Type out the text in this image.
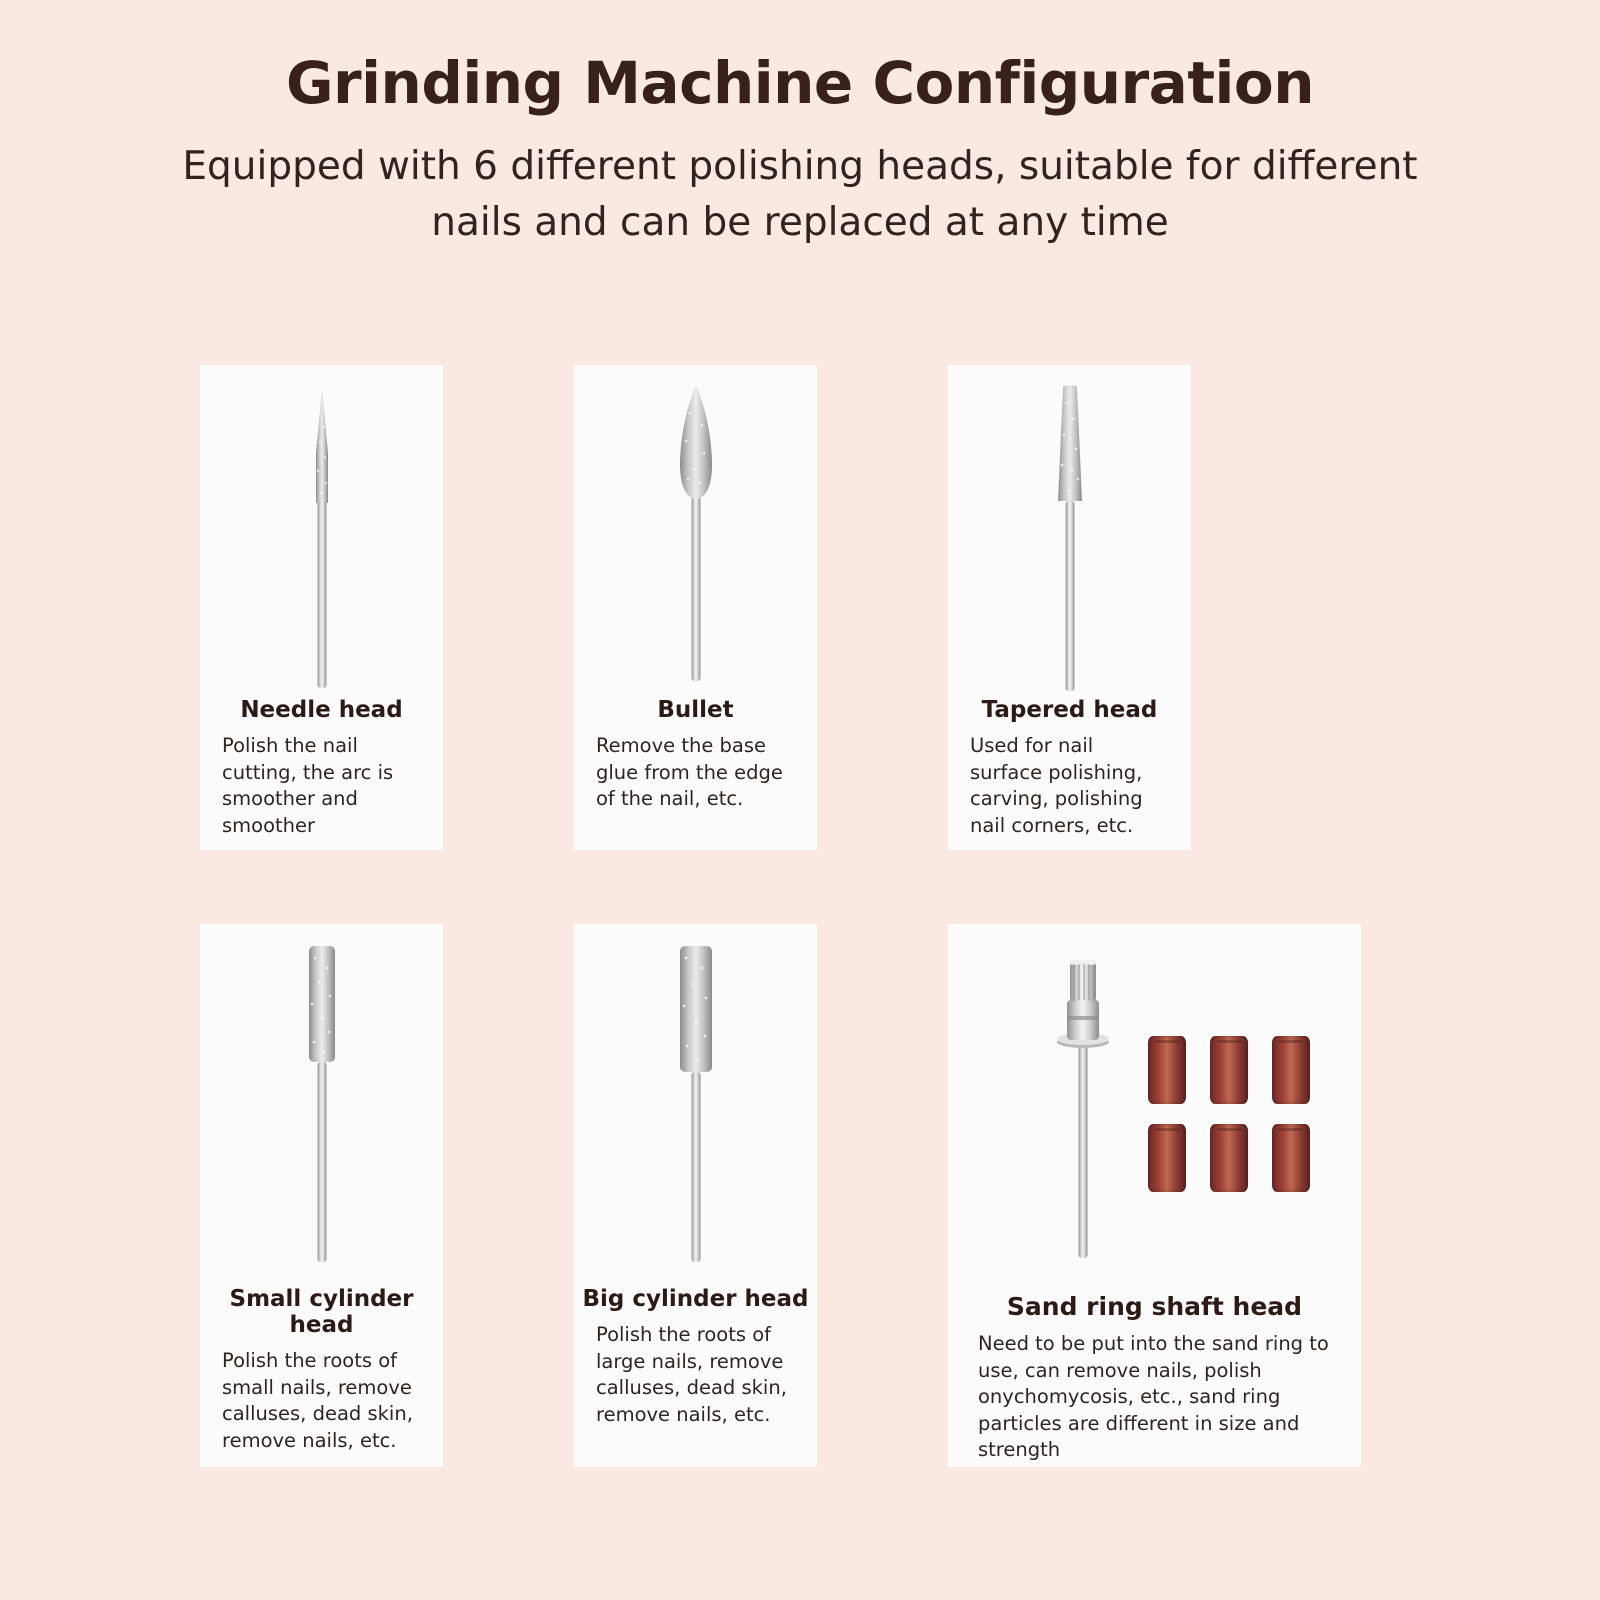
Grinding Machine Configuration
Equipped with 6 different polishing heads, suitable for different nails and can be replaced at any time
Needle head
Polish the nail cutting, the arc is smoother and smoother
Bullet
Remove the base glue from the edge of the nail, etc.
Tapered head
Used for nail surface polishing, carving, polishing nail corners, etc.
Small cylinder head
Polish the roots of small nails, remove calluses, dead skin, remove nails, etc.
Big cylinder head
Polish the roots of large nails, remove calluses, dead skin, remove nails, etc.
Sand ring shaft head
Need to be put into the sand ring to use, can remove nails, polish onychomycosis, etc., sand ring particles are different in size and strength
